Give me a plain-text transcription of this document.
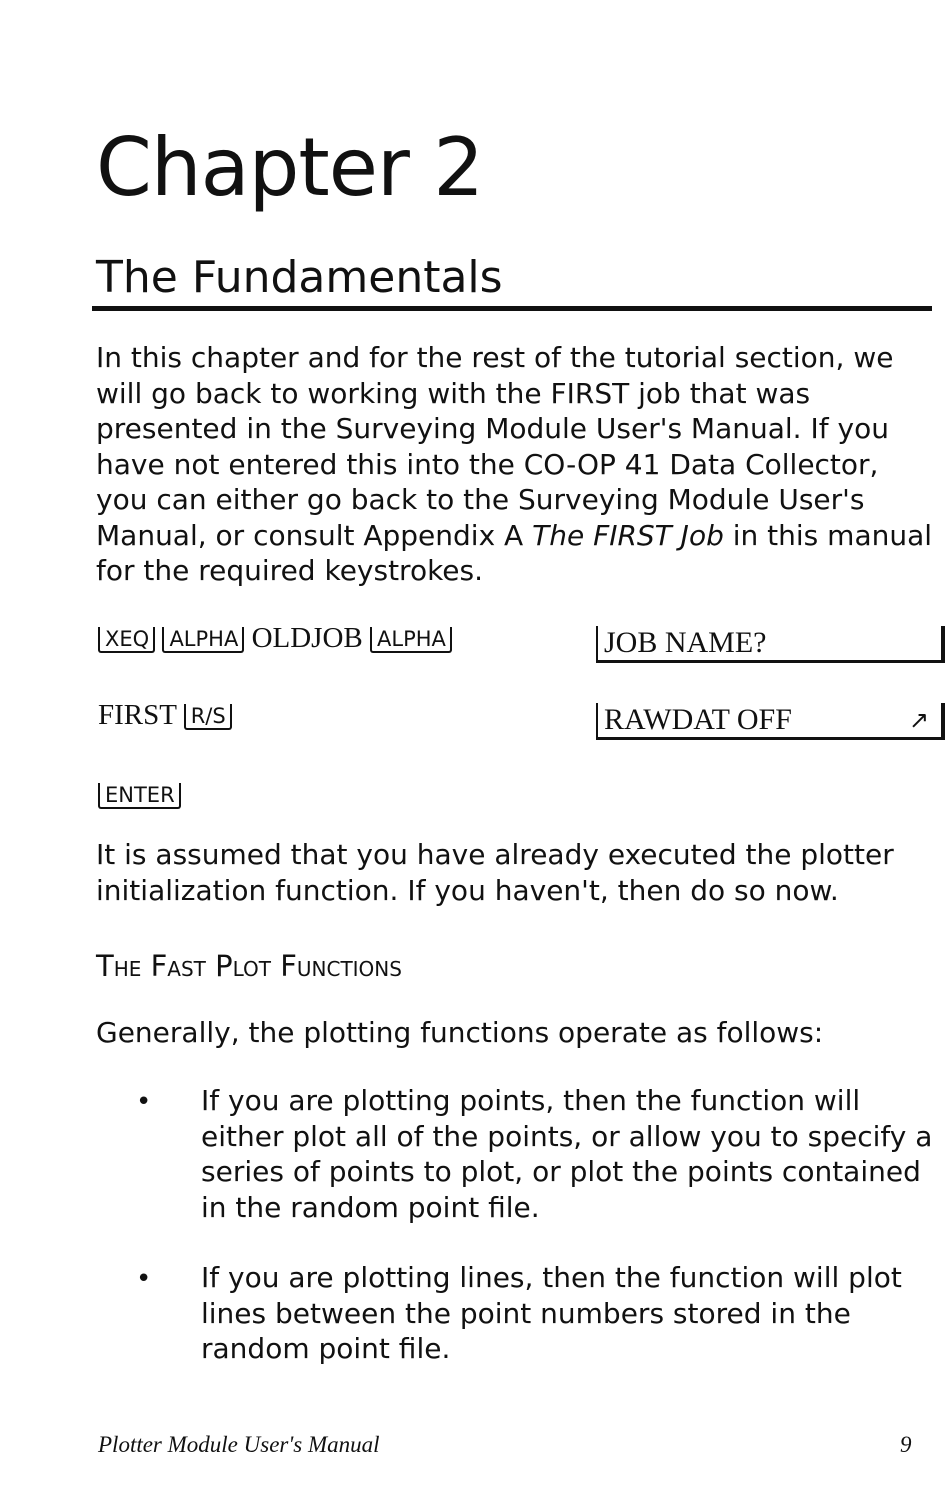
Chapter 2
The Fundamentals

In this chapter and for the rest of the tutorial section, we will go back to working with the FIRST job that was presented in the Surveying Module User's Manual. If you have not entered this into the CO-OP 41 Data Collector, you can either go back to the Surveying Module User's Manual, or consult Appendix A The FIRST Job in this manual for the required keystrokes.

XEQ ALPHA OLDJOB ALPHA	JOB NAME?
FIRST R/S	RAWDAT OFF	↗
ENTER

It is assumed that you have already executed the plotter initialization function. If you haven't, then do so now.

The Fast Plot Functions

Generally, the plotting functions operate as follows:

• If you are plotting points, then the function will either plot all of the points, or allow you to specify a series of points to plot, or plot the points contained in the random point file.

• If you are plotting lines, then the function will plot lines between the point numbers stored in the random point file.

Plotter Module User's Manual	9
